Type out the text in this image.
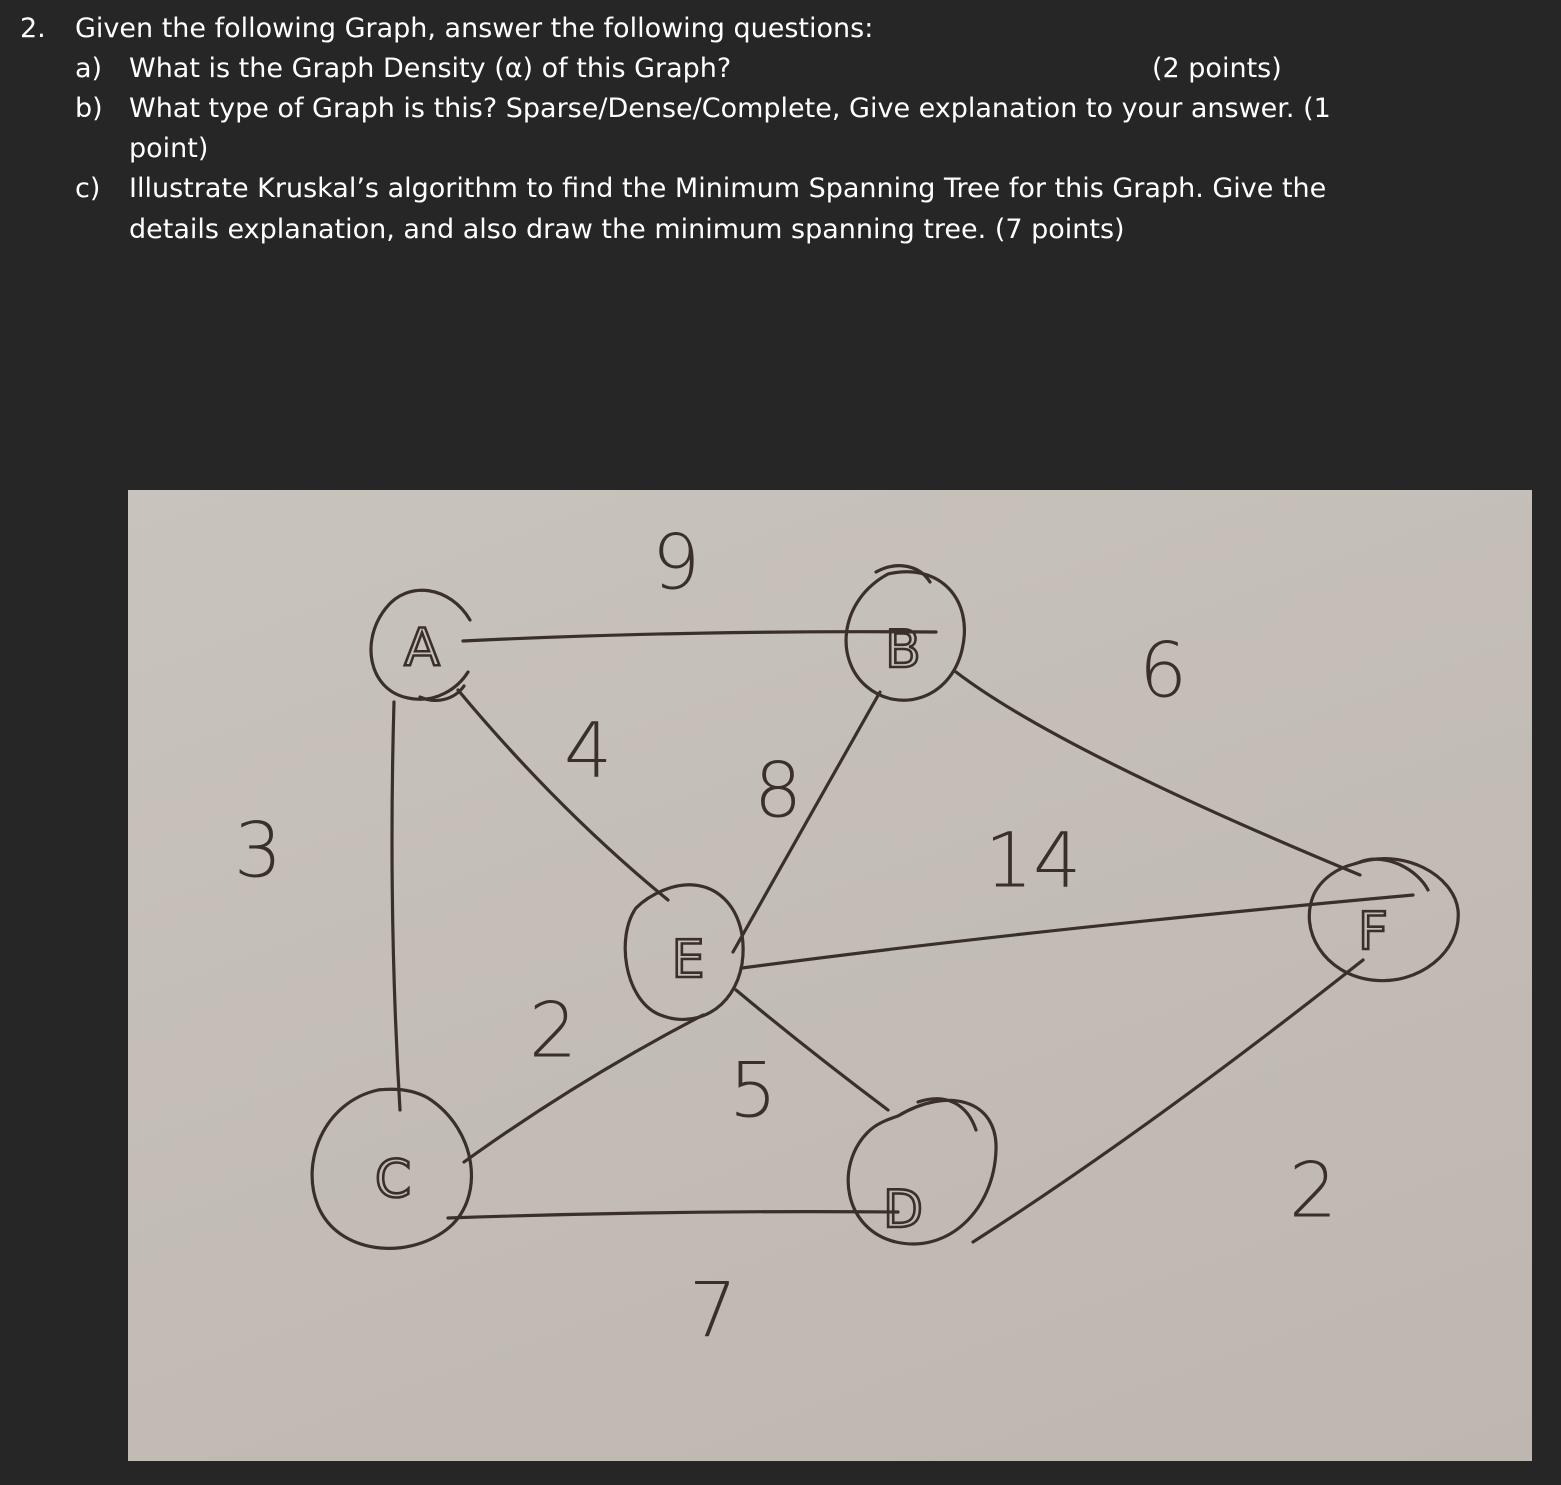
2. Given the following Graph, answer the following questions:
a) What is the Graph Density (α) of this Graph?	(2 points)
b) What type of Graph is this? Sparse/Dense/Complete, Give explanation to your answer. (1
point)
c) Illustrate Kruskal’s algorithm to find the Minimum Spanning Tree for this Graph. Give the
details explanation, and also draw the minimum spanning tree. (7 points)
A	B
C	D
E	F
9
4
3
8
6
14
2
5
7
2
